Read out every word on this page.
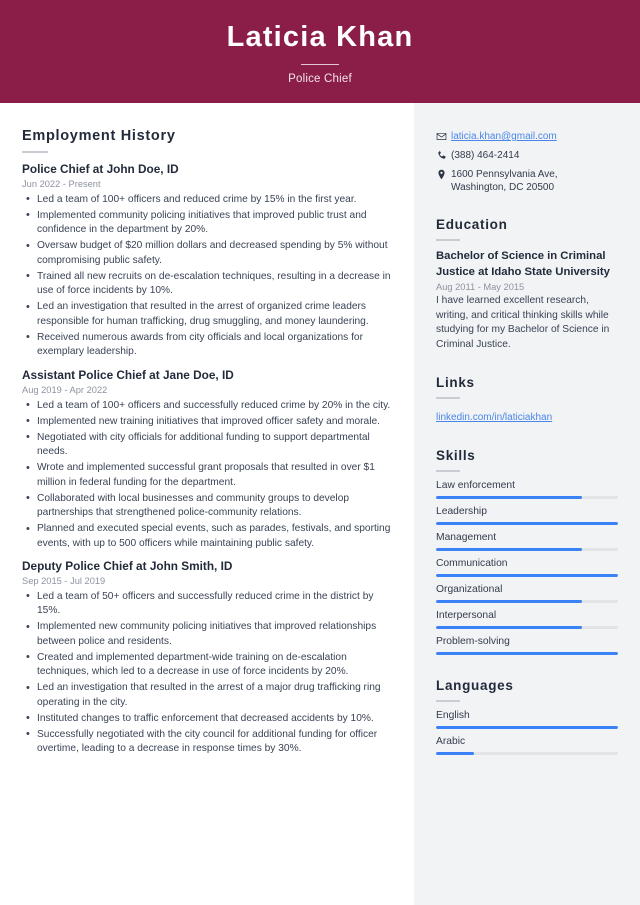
Laticia Khan
Police Chief
Employment History
Police Chief at John Doe, ID
Jun 2022 - Present
• Led a team of 100+ officers and reduced crime by 15% in the first year.
• Implemented community policing initiatives that improved public trust and confidence in the department by 20%.
• Oversaw budget of $20 million dollars and decreased spending by 5% without compromising public safety.
• Trained all new recruits on de-escalation techniques, resulting in a decrease in use of force incidents by 10%.
• Led an investigation that resulted in the arrest of organized crime leaders responsible for human trafficking, drug smuggling, and money laundering.
• Received numerous awards from city officials and local organizations for exemplary leadership.
Assistant Police Chief at Jane Doe, ID
Aug 2019 - Apr 2022
• Led a team of 100+ officers and successfully reduced crime by 20% in the city.
• Implemented new training initiatives that improved officer safety and morale.
• Negotiated with city officials for additional funding to support departmental needs.
• Wrote and implemented successful grant proposals that resulted in over $1 million in federal funding for the department.
• Collaborated with local businesses and community groups to develop partnerships that strengthened police-community relations.
• Planned and executed special events, such as parades, festivals, and sporting events, with up to 500 officers while maintaining public safety.
Deputy Police Chief at John Smith, ID
Sep 2015 - Jul 2019
• Led a team of 50+ officers and successfully reduced crime in the district by 15%.
• Implemented new community policing initiatives that improved relationships between police and residents.
• Created and implemented department-wide training on de-escalation techniques, which led to a decrease in use of force incidents by 20%.
• Led an investigation that resulted in the arrest of a major drug trafficking ring operating in the city.
• Instituted changes to traffic enforcement that decreased accidents by 10%.
• Successfully negotiated with the city council for additional funding for officer overtime, leading to a decrease in response times by 30%.
laticia.khan@gmail.com
(388) 464-2414
1600 Pennsylvania Ave,
Washington, DC 20500
Education
Bachelor of Science in Criminal Justice at Idaho State University
Aug 2011 - May 2015
I have learned excellent research, writing, and critical thinking skills while studying for my Bachelor of Science in Criminal Justice.
Links
linkedin.com/in/laticiakhan
Skills
Law enforcement
Leadership
Management
Communication
Organizational
Interpersonal
Problem-solving
Languages
English
Arabic
